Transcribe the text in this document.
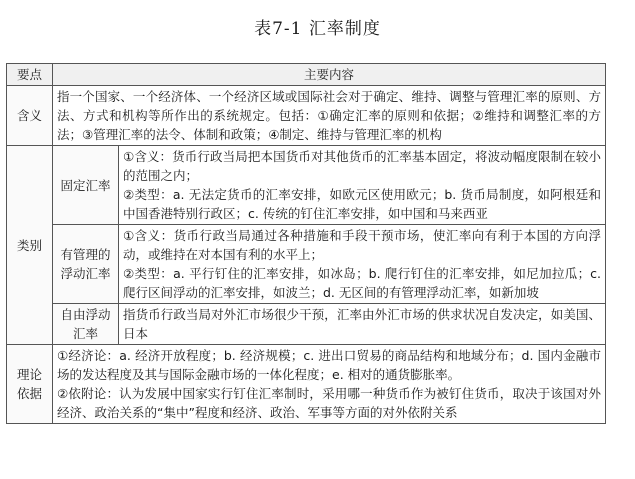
表7-1 汇率制度
要点	主要内容	
含义	指一个国家、一个经济体、一个经济区域或国际社会对于确定、维持、调整与管理汇率的原则、方法、方式和机构等所作出的系统规定。包括：①确定汇率的原则和依据；②维持和调整汇率的方法；③管理汇率的法令、体制和政策；④制定、维持与管理汇率的机构	
类别	固定汇率	①含义：货币行政当局把本国货币对其他货币的汇率基本固定，将波动幅度限制在较小的范围之内；
②类型：a. 无法定货币的汇率安排，如欧元区使用欧元；b. 货币局制度，如阿根廷和中国香港特别行政区；c. 传统的钉住汇率安排，如中国和马来西亚

	有管理的浮动汇率	①含义：货币行政当局通过各种措施和手段干预市场，使汇率向有利于本国的方向浮动，或维持在对本国有利的水平上；
②类型：a. 平行钉住的汇率安排，如冰岛；b. 爬行钉住的汇率安排，如尼加拉瓜；c. 爬行区间浮动的汇率安排，如波兰；d. 无区间的有管理浮动汇率，如新加坡

	自由浮动汇率	指货币行政当局对外汇市场很少干预，汇率由外汇市场的供求状况自发决定，如美国、日本
理论依据	①经济论：a. 经济开放程度；b. 经济规模；c. 进出口贸易的商品结构和地域分布；d. 国内金融市场的发达程度及其与国际金融市场的一体化程度；e. 相对的通货膨胀率。
②依附论：认为发展中国家实行钉住汇率制时，采用哪一种货币作为被钉住货币，取决于该国对外经济、政治关系的“集中”程度和经济、政治、军事等方面的对外依附关系	
